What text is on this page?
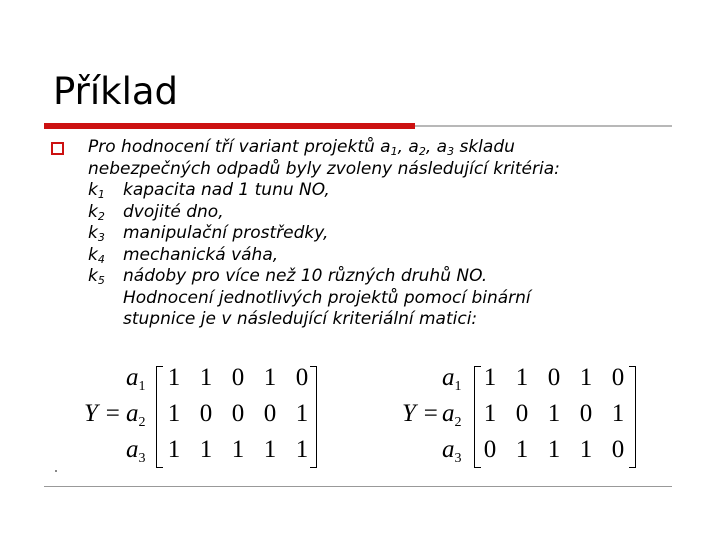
Příklad
Pro hodnocení tří variant projektů $a_1$, $a_2$, $a_3$ skladu
nebezpečných odpadů byly zvoleny následující kritéria:
$k_1$ kapacita nad 1 tunu NO,
$k_2$ dvojité dno,
$k_3$ manipulační prostředky,
$k_4$ mechanická váha,
$k_5$ nádoby pro více než 10 různých druhů NO.
Hodnocení jednotlivých projektů pomocí binární
stupnice je v následující kriteriální matici:
Y =
$a_1$ 1 1 0 1 0
$a_2$ 1 0 0 0 1
$a_3$ 1 1 1 1 1
Y =
$a_1$ 1 1 0 1 0
$a_2$ 1 0 1 0 1
$a_3$ 0 1 1 1 0
